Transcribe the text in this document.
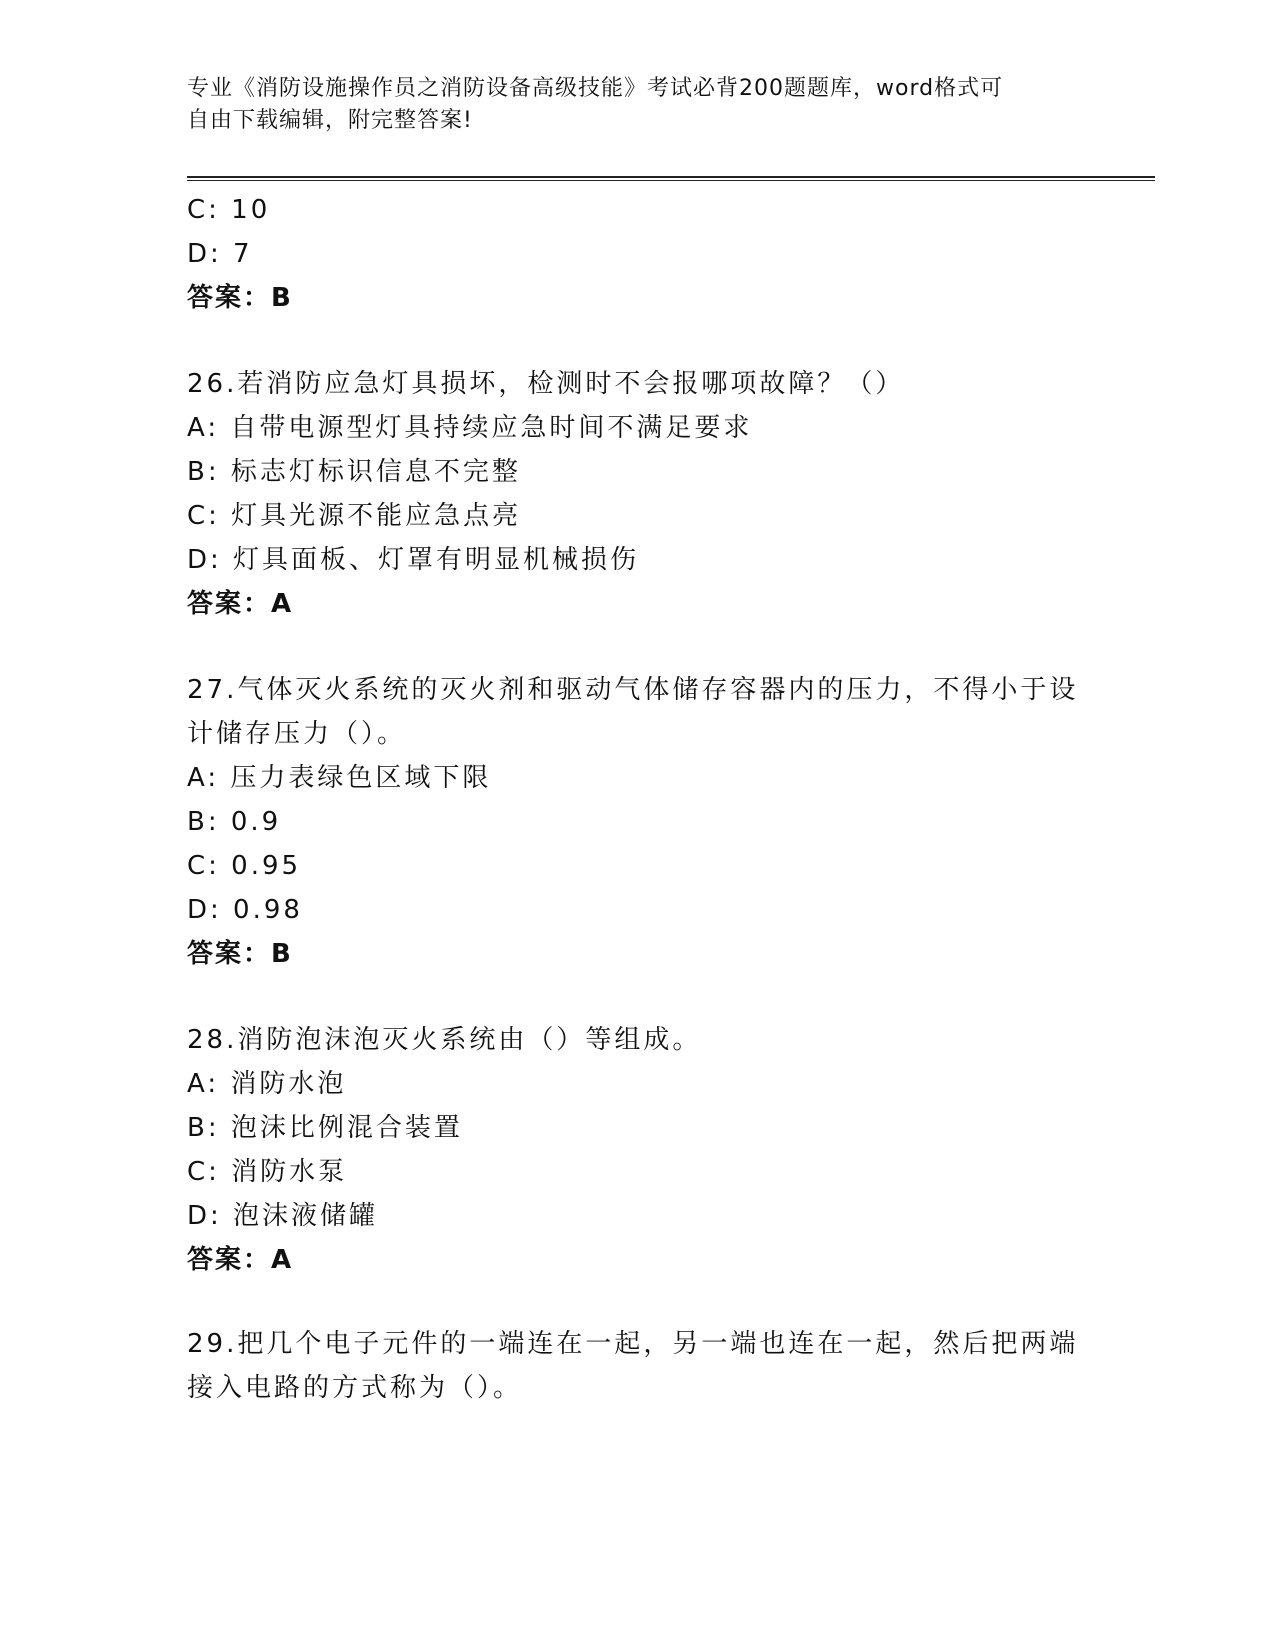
专业《消防设施操作员之消防设备高级技能》考试必背200题题库，word格式可
自由下载编辑，附完整答案!
C: 10
D: 7
答案：B
26.若消防应急灯具损坏，检测时不会报哪项故障？（）
A: 自带电源型灯具持续应急时间不满足要求
B: 标志灯标识信息不完整
C: 灯具光源不能应急点亮
D: 灯具面板、灯罩有明显机械损伤
答案：A
27.气体灭火系统的灭火剂和驱动气体储存容器内的压力，不得小于设
计储存压力（）。
A: 压力表绿色区域下限
B: 0.9
C: 0.95
D: 0.98
答案：B
28.消防泡沫泡灭火系统由（）等组成。
A: 消防水泡
B: 泡沫比例混合装置
C: 消防水泵
D: 泡沫液储罐
答案：A
29.把几个电子元件的一端连在一起，另一端也连在一起，然后把两端
接入电路的方式称为（）。
